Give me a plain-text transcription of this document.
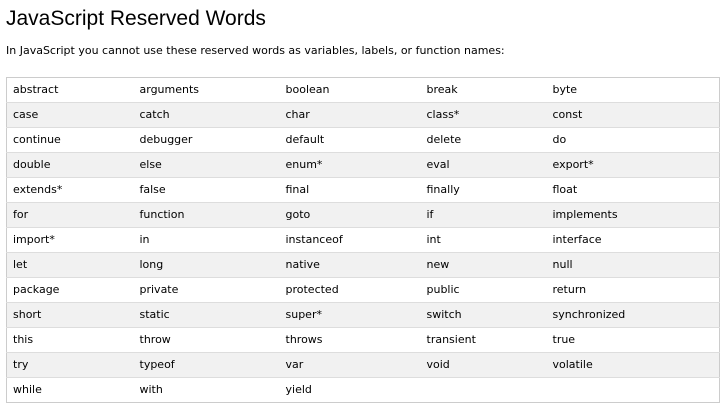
JavaScript Reserved Words

In JavaScript you cannot use these reserved words as variables, labels, or function names:

abstract	arguments	boolean	break	byte
case	catch	char	class*	const
continue	debugger	default	delete	do
double	else	enum*	eval	export*
extends*	false	final	finally	float
for	function	goto	if	implements
import*	in	instanceof	int	interface
let	long	native	new	null
package	private	protected	public	return
short	static	super*	switch	synchronized
this	throw	throws	transient	true
try	typeof	var	void	volatile
while	with	yield		
